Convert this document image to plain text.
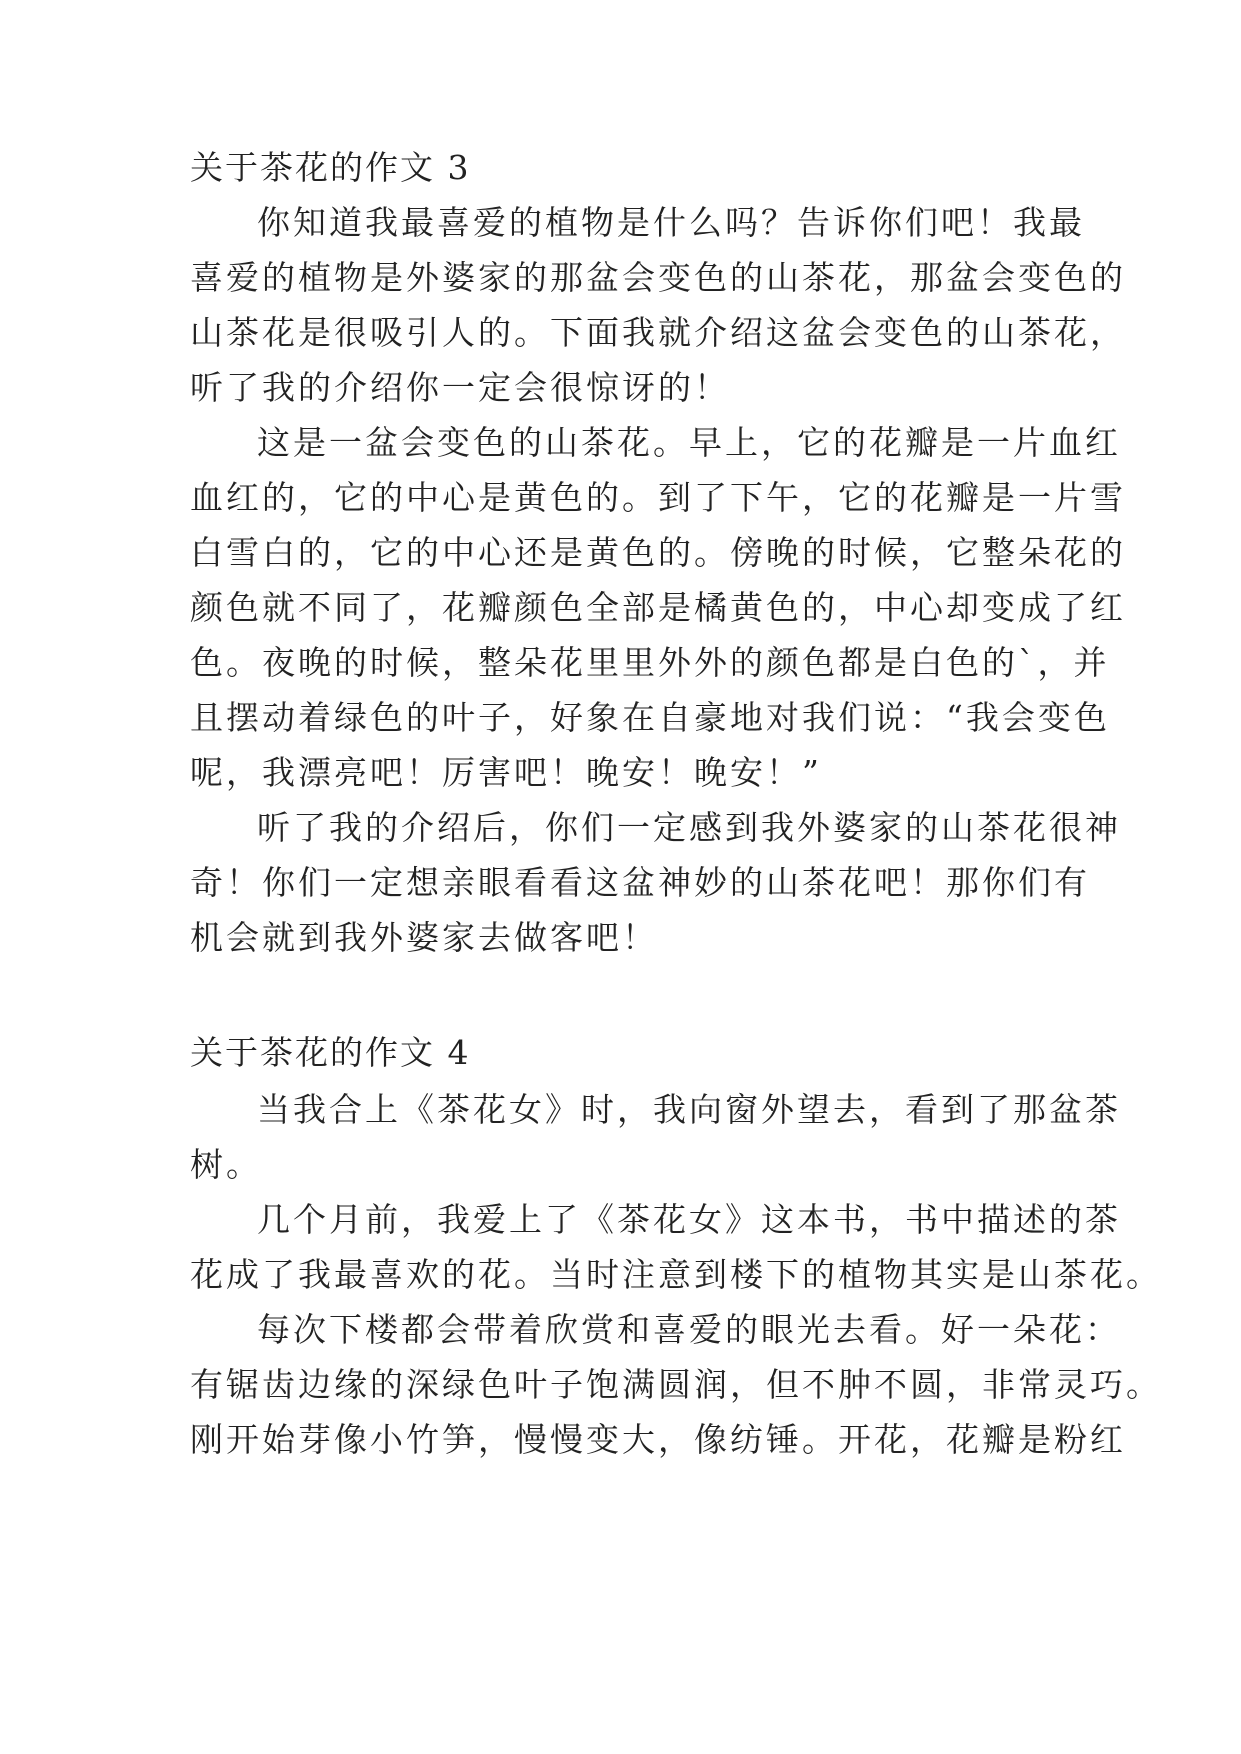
关于茶花的作文 3
你知道我最喜爱的植物是什么吗？告诉你们吧！我最
喜爱的植物是外婆家的那盆会变色的山茶花，那盆会变色的
山茶花是很吸引人的。下面我就介绍这盆会变色的山茶花，
听了我的介绍你一定会很惊讶的！
这是一盆会变色的山茶花。早上，它的花瓣是一片血红
血红的，它的中心是黄色的。到了下午，它的花瓣是一片雪
白雪白的，它的中心还是黄色的。傍晚的时候，它整朵花的
颜色就不同了，花瓣颜色全部是橘黄色的，中心却变成了红
色。夜晚的时候，整朵花里里外外的颜色都是白色的`，并
且摆动着绿色的叶子，好象在自豪地对我们说：“我会变色
呢，我漂亮吧！厉害吧！晚安！晚安！”
听了我的介绍后，你们一定感到我外婆家的山茶花很神
奇！你们一定想亲眼看看这盆神妙的山茶花吧！那你们有
机会就到我外婆家去做客吧！
关于茶花的作文 4
当我合上《茶花女》时，我向窗外望去，看到了那盆茶
树。
几个月前，我爱上了《茶花女》这本书，书中描述的茶
花成了我最喜欢的花。当时注意到楼下的植物其实是山茶花。
每次下楼都会带着欣赏和喜爱的眼光去看。好一朵花：
有锯齿边缘的深绿色叶子饱满圆润，但不肿不圆，非常灵巧。
刚开始芽像小竹笋，慢慢变大，像纺锤。开花，花瓣是粉红
